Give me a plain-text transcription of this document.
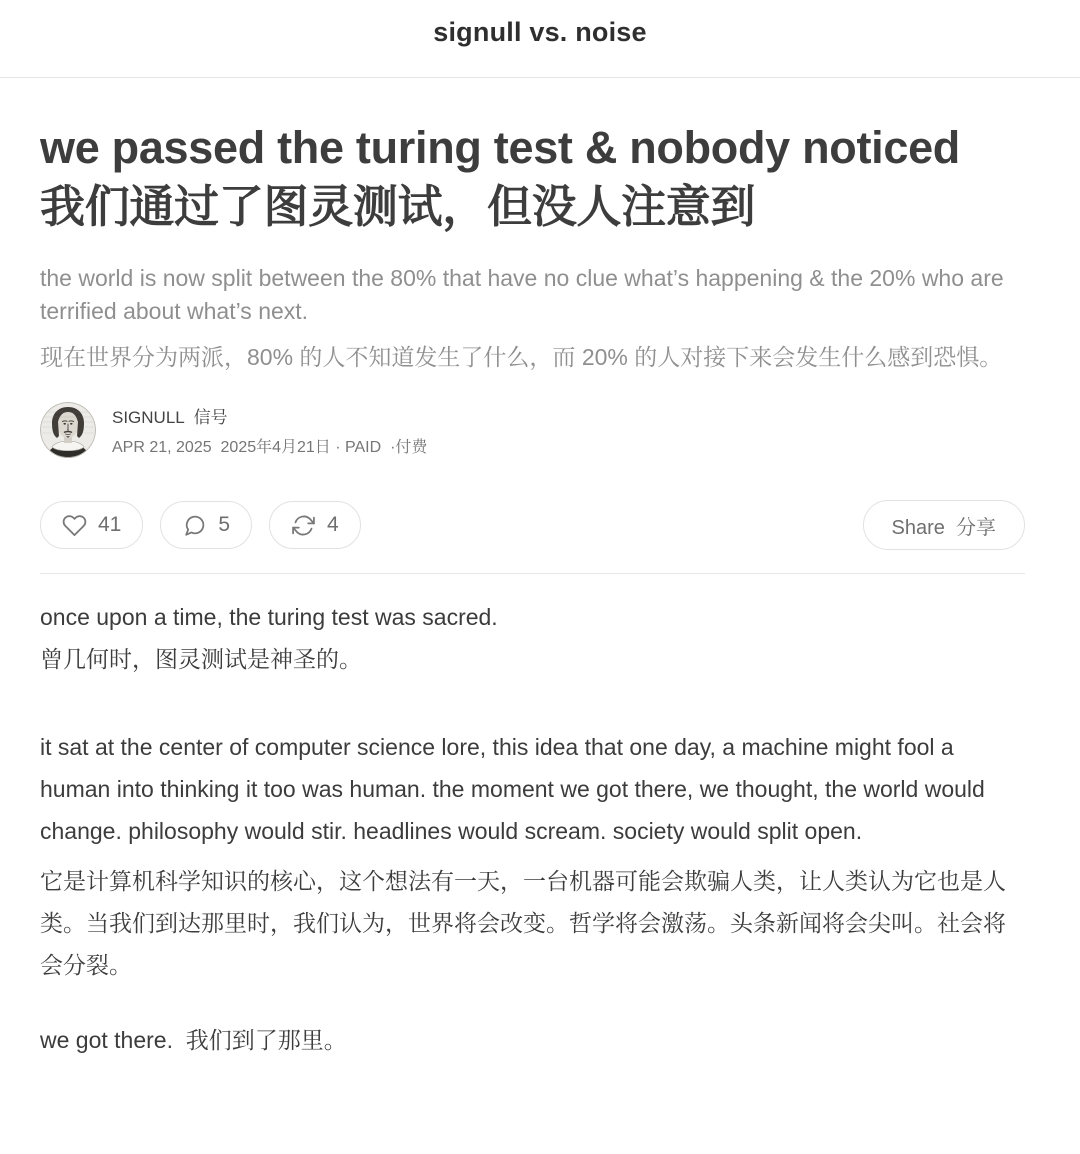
signull vs. noise
we passed the turing test & nobody noticed
我们通过了图灵测试，但没人注意到

the world is now split between the 80% that have no clue what’s happening & the 20% who are terrified about what’s next.

现在世界分为两派，80% 的人不知道发生了什么，而 20% 的人对接下来会发生什么感到恐惧。

SIGNULL  信号
APR 21, 2025  2025年4月21日 · PAID  ·付费
41	5	4	Share  分享

once upon a time, the turing test was sacred.

曾几何时，图灵测试是神圣的。

it sat at the center of computer science lore, this idea that one day, a machine might fool a human into thinking it too was human. the moment we got there, we thought, the world would change. philosophy would stir. headlines would scream. society would split open.

它是计算机科学知识的核心，这个想法有一天，一台机器可能会欺骗人类，让人类认为它也是人类。当我们到达那里时，我们认为，世界将会改变。哲学将会激荡。头条新闻将会尖叫。社会将会分裂。

we got there.  我们到了那里。
